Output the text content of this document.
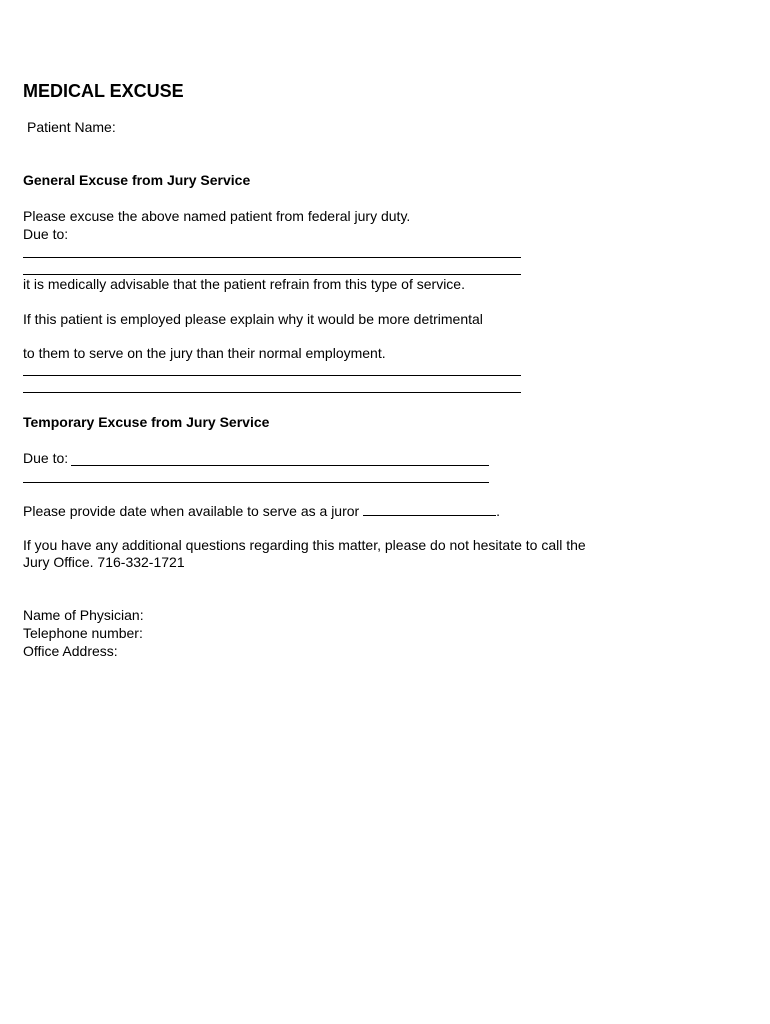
MEDICAL EXCUSE
Patient Name:
General Excuse from Jury Service
Please excuse the above named patient from federal jury duty.
Due to:
it is medically advisable that the patient refrain from this type of service.
If this patient is employed please explain why it would be more detrimental
to them to serve on the jury than their normal employment.
Temporary Excuse from Jury Service
Due to:
Please provide date when available to serve as a juror	.
If you have any additional questions regarding this matter, please do not hesitate to call the
Jury Office. 716-332-1721
Name of Physician:
Telephone number:
Office Address:
